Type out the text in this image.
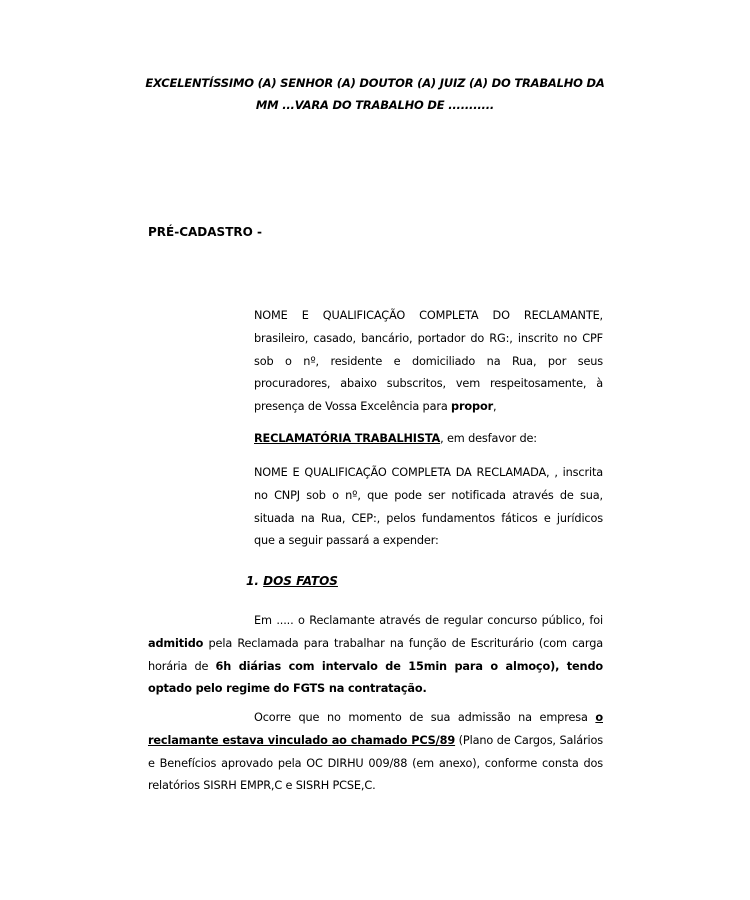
EXCELENTÍSSIMO (A) SENHOR (A) DOUTOR (A) JUIZ (A) DO TRABALHO DA
MM ...VARA DO TRABALHO DE ...........
PRÉ-CADASTRO -
NOME E QUALIFICAÇÃO COMPLETA DO RECLAMANTE, brasileiro, casado, bancário, portador do RG:, inscrito no CPF sob o nº, residente e domiciliado na Rua, por seus procuradores, abaixo subscritos, vem respeitosamente, à presença de Vossa Excelência para propor,
RECLAMATÓRIA TRABALHISTA, em desfavor de:
NOME E QUALIFICAÇÃO COMPLETA DA RECLAMADA, , inscrita no CNPJ sob o nº, que pode ser notificada através de sua, situada na Rua, CEP:, pelos fundamentos fáticos e jurídicos que a seguir passará a expender:
1. DOS FATOS
Em ..... o Reclamante através de regular concurso público, foi admitido pela Reclamada para trabalhar na função de Escriturário (com carga horária de 6h diárias com intervalo de 15min para o almoço), tendo optado pelo regime do FGTS na contratação.
Ocorre que no momento de sua admissão na empresa o reclamante estava vinculado ao chamado PCS/89 (Plano de Cargos, Salários e Benefícios aprovado pela OC DIRHU 009/88 (em anexo), conforme consta dos relatórios SISRH EMPR,C e SISRH PCSE,C.
